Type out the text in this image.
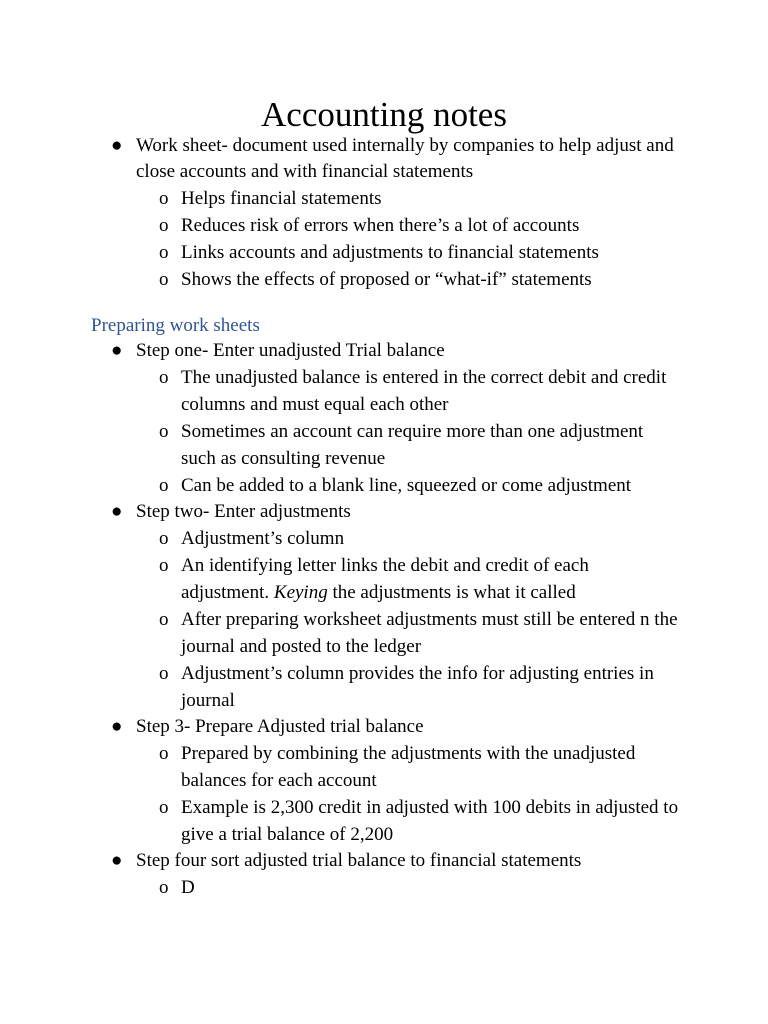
Accounting notes
● Work sheet- document used internally by companies to help adjust and close accounts and with financial statements
o Helps financial statements
o Reduces risk of errors when there’s a lot of accounts
o Links accounts and adjustments to financial statements
o Shows the effects of proposed or “what-if” statements
Preparing work sheets
● Step one- Enter unadjusted Trial balance
o The unadjusted balance is entered in the correct debit and credit columns and must equal each other
o Sometimes an account can require more than one adjustment such as consulting revenue
o Can be added to a blank line, squeezed or come adjustment
● Step two- Enter adjustments
o Adjustment’s column
o An identifying letter links the debit and credit of each adjustment. Keying the adjustments is what it called
o After preparing worksheet adjustments must still be entered n the journal and posted to the ledger
o Adjustment’s column provides the info for adjusting entries in journal
● Step 3- Prepare Adjusted trial balance
o Prepared by combining the adjustments with the unadjusted balances for each account
o Example is 2,300 credit in adjusted with 100 debits in adjusted to give a trial balance of 2,200
● Step four sort adjusted trial balance to financial statements
o D
